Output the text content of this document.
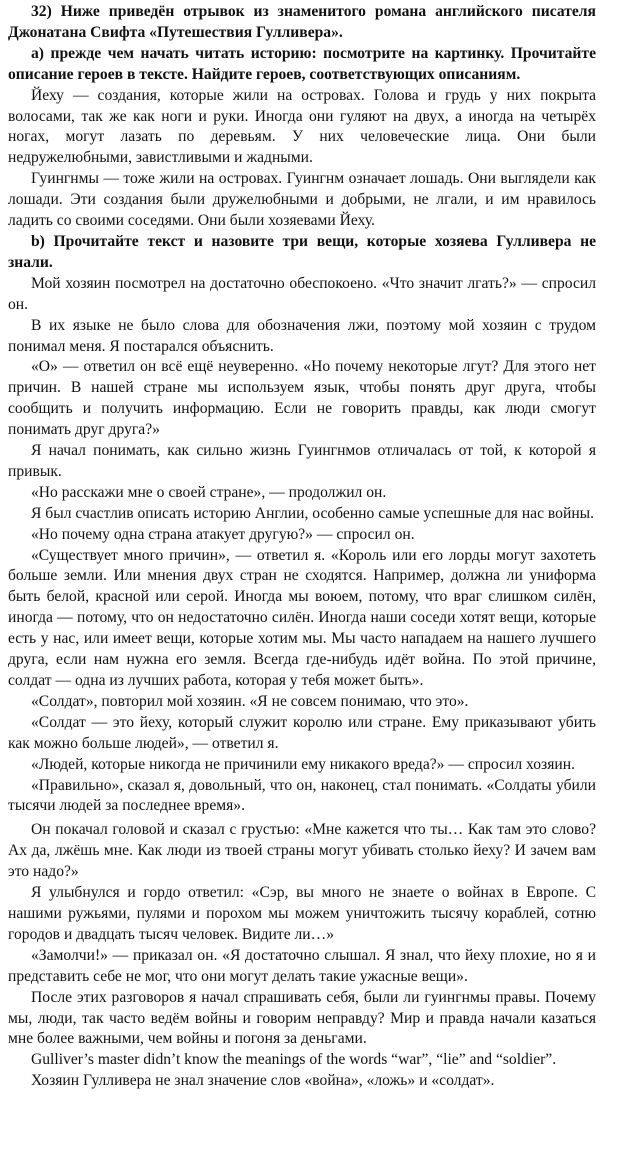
32) Ниже приведён отрывок из знаменитого романа английского писателя Джонатана Свифта «Путешествия Гулливера».

a) прежде чем начать читать историю: посмотрите на картинку. Прочитайте описание героев в тексте. Найдите героев, соответствующих описаниям.

Йеху — создания, которые жили на островах. Голова и грудь у них покрыта волосами, так же как ноги и руки. Иногда они гуляют на двух, а иногда на четырёх ногах, могут лазать по деревьям. У них человеческие лица. Они были недружелюбными, завистливыми и жадными.

Гуингнмы — тоже жили на островах. Гуингнм означает лошадь. Они выглядели как лошади. Эти создания были дружелюбными и добрыми, не лгали, и им нравилось ладить со своими соседями. Они были хозяевами Йеху.

b) Прочитайте текст и назовите три вещи, которые хозяева Гулливера не знали.

Мой хозяин посмотрел на достаточно обеспокоено. «Что значит лгать?» — спросил он.

В их языке не было слова для обозначения лжи, поэтому мой хозяин с трудом понимал меня. Я постарался объяснить.

«О» — ответил он всё ещё неуверенно. «Но почему некоторые лгут? Для этого нет причин. В нашей стране мы используем язык, чтобы понять друг друга, чтобы сообщить и получить информацию. Если не говорить правды, как люди смогут понимать друг друга?»

Я начал понимать, как сильно жизнь Гуингнмов отличалась от той, к которой я привык.

«Но расскажи мне о своей стране», — продолжил он.

Я был счастлив описать историю Англии, особенно самые успешные для нас войны.

«Но почему одна страна атакует другую?» — спросил он.

«Существует много причин», — ответил я. «Король или его лорды могут захотеть больше земли. Или мнения двух стран не сходятся. Например, должна ли униформа быть белой, красной или серой. Иногда мы воюем, потому, что враг слишком силён, иногда — потому, что он недостаточно силён. Иногда наши соседи хотят вещи, которые есть у нас, или имеет вещи, которые хотим мы. Мы часто нападаем на нашего лучшего друга, если нам нужна его земля. Всегда где-нибудь идёт война. По этой причине, солдат — одна из лучших работа, которая у тебя может быть».

«Солдат», повторил мой хозяин. «Я не совсем понимаю, что это».

«Солдат — это йеху, который служит королю или стране. Ему приказывают убить как можно больше людей», — ответил я.

«Людей, которые никогда не причинили ему никакого вреда?» — спросил хозяин.

«Правильно», сказал я, довольный, что он, наконец, стал понимать. «Солдаты убили тысячи людей за последнее время».

Он покачал головой и сказал с грустью: «Мне кажется что ты… Как там это слово? Ах да, лжёшь мне. Как люди из твоей страны могут убивать столько йеху? И зачем вам это надо?»

Я улыбнулся и гордо ответил: «Сэр, вы много не знаете о войнах в Европе. С нашими ружьями, пулями и порохом мы можем уничтожить тысячу кораблей, сотню городов и двадцать тысяч человек. Видите ли…»

«Замолчи!» — приказал он. «Я достаточно слышал. Я знал, что йеху плохие, но я и представить себе не мог, что они могут делать такие ужасные вещи».

После этих разговоров я начал спрашивать себя, были ли гуингнмы правы. Почему мы, люди, так часто ведём войны и говорим неправду? Мир и правда начали казаться мне более важными, чем войны и погоня за деньгами.

Gulliver’s master didn’t know the meanings of the words “war”, “lie” and “soldier”.

Хозяин Гулливера не знал значение слов «война», «ложь» и «солдат».
